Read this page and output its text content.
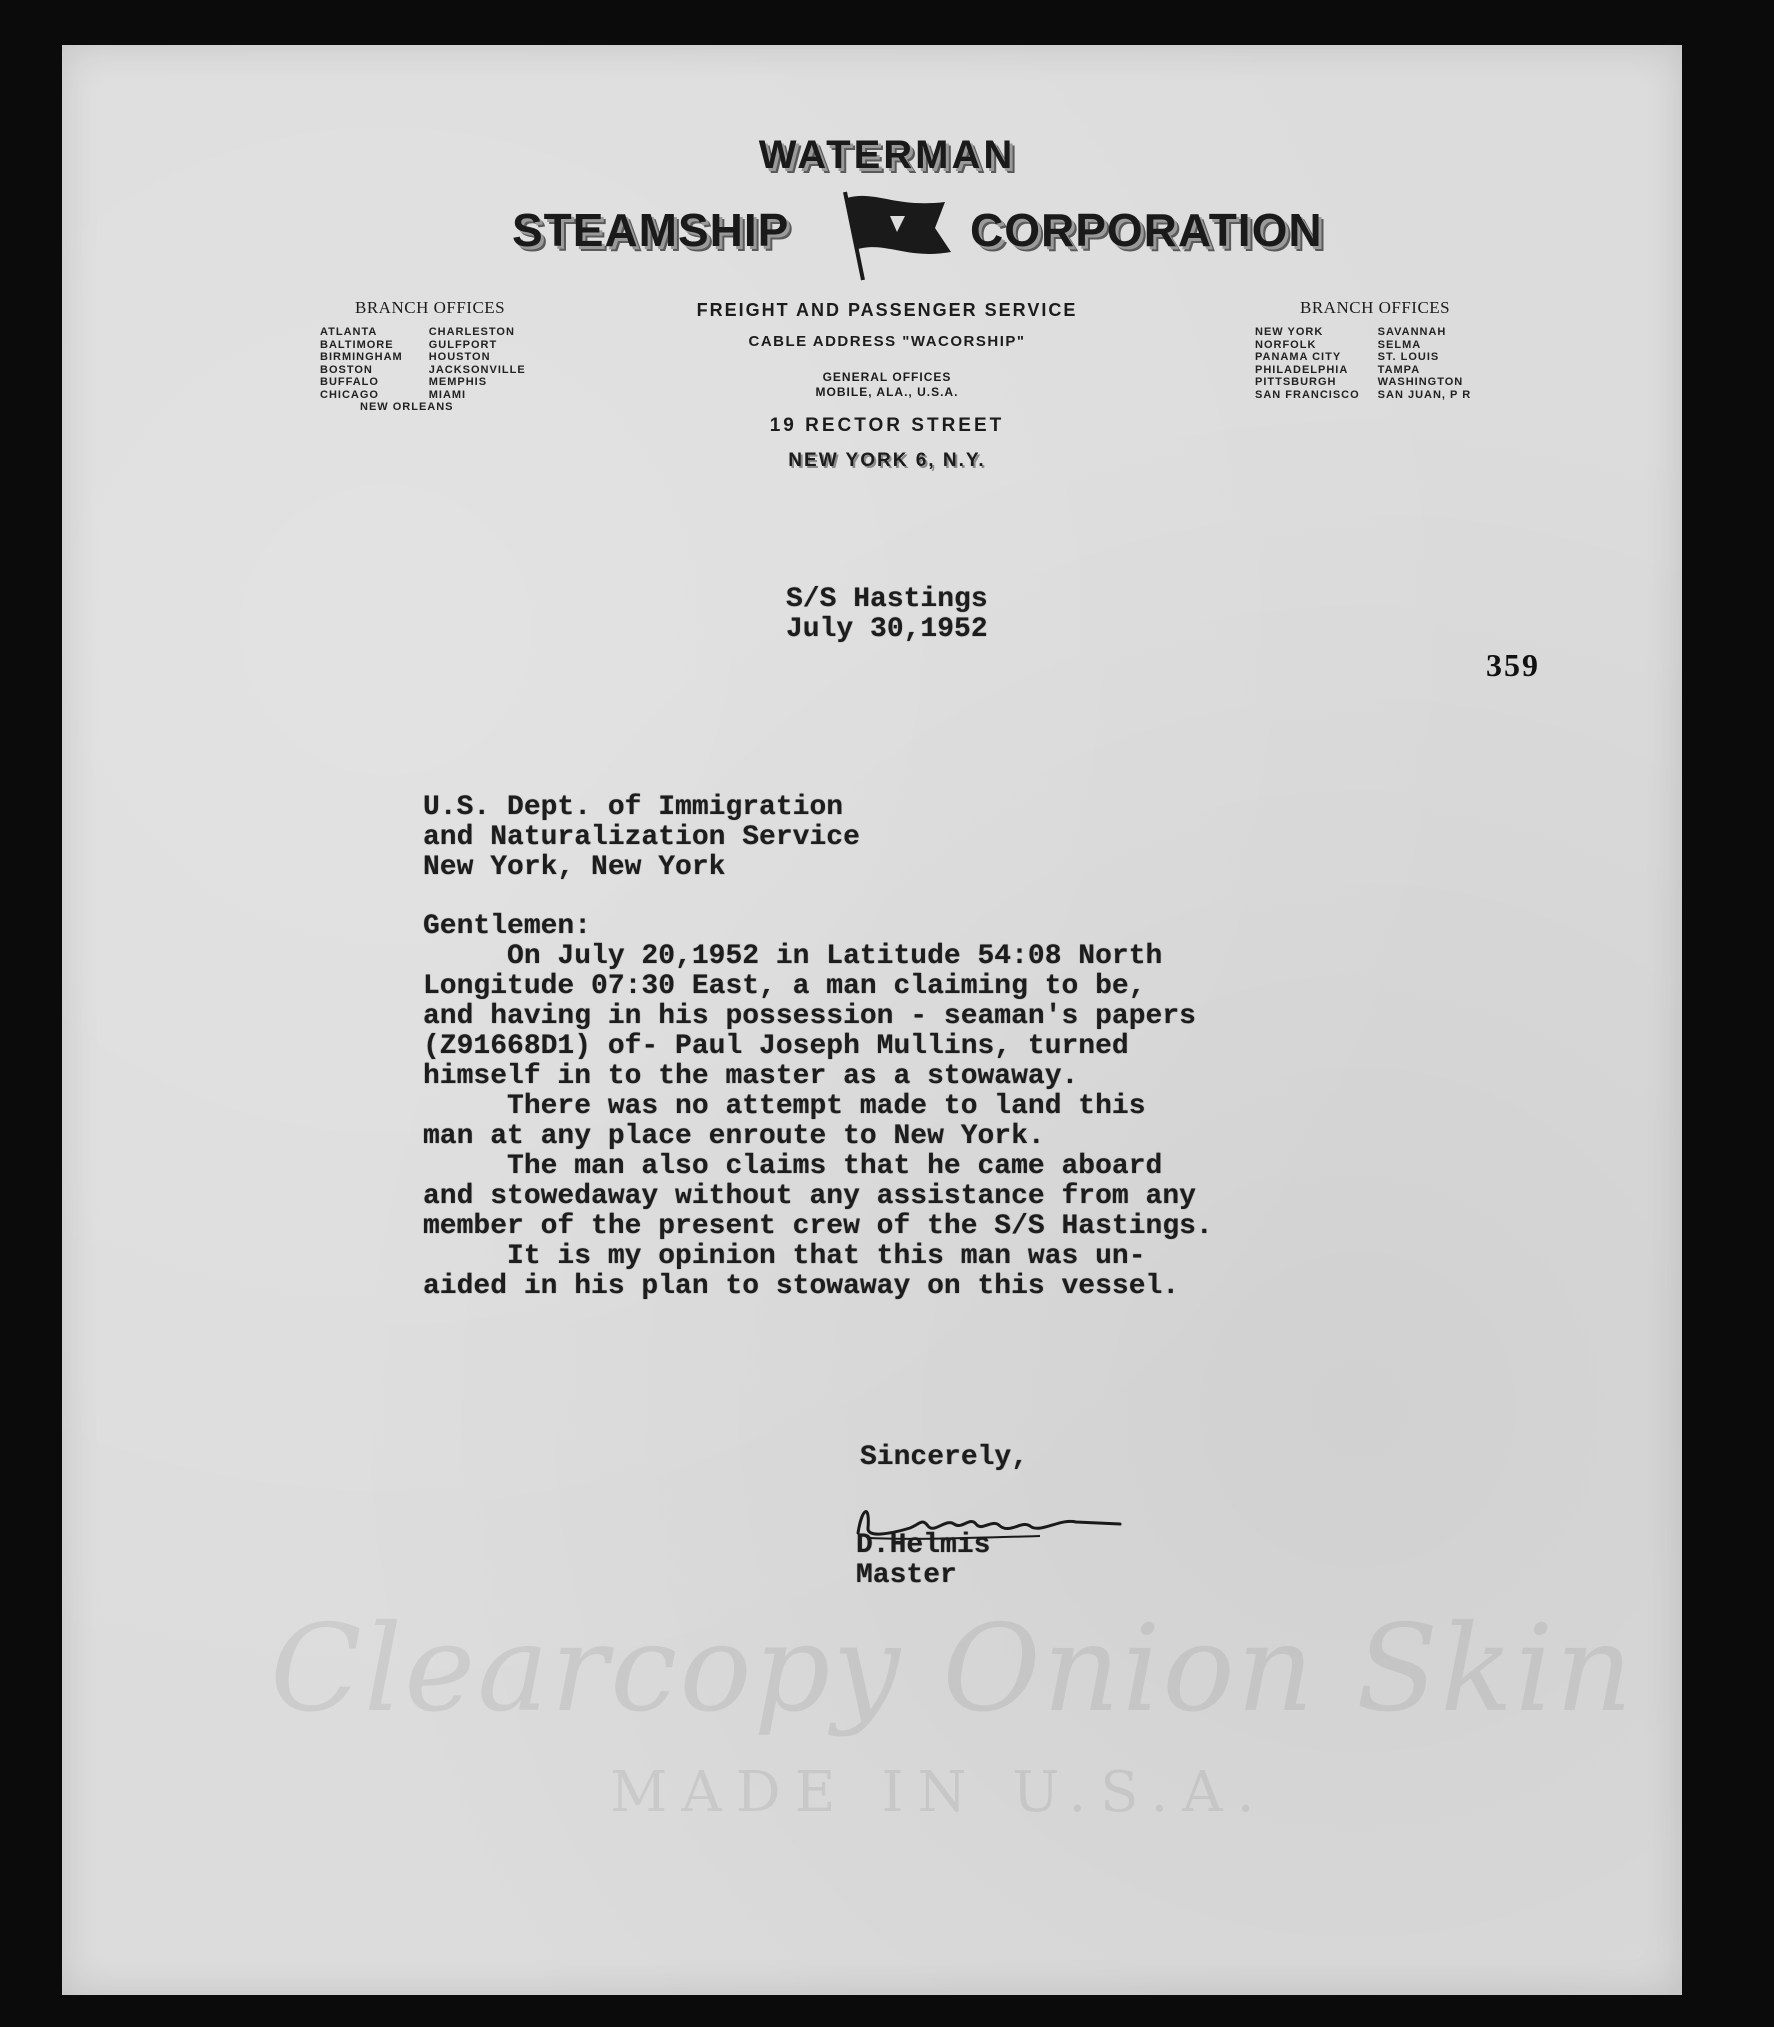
WATERMAN
STEAMSHIP	CORPORATION
BRANCH OFFICES
ATLANTA
BALTIMORE
BIRMINGHAM
BOSTON
BUFFALO
CHICAGO
CHARLESTON
GULFPORT
HOUSTON
JACKSONVILLE
MEMPHIS
MIAMI
NEW ORLEANS
FREIGHT AND PASSENGER SERVICE
CABLE ADDRESS "WACORSHIP"
GENERAL OFFICES
MOBILE, ALA., U.S.A.
19 RECTOR STREET
NEW YORK 6, N.Y.
BRANCH OFFICES
NEW YORK
NORFOLK
PANAMA CITY
PHILADELPHIA
PITTSBURGH
SAN FRANCISCO
SAVANNAH
SELMA
ST. LOUIS
TAMPA
WASHINGTON
SAN JUAN, P R
Clearcopy Onion Skin
MADE IN U.S.A.
S/S Hastings
July 30,1952
359
U.S. Dept. of Immigration
and Naturalization Service
New York, New York
Gentlemen:
On July 20,1952 in Latitude 54:08 North
Longitude 07:30 East, a man claiming to be,
and having in his possession - seaman's papers
(Z91668D1) of- Paul Joseph Mullins, turned
himself in to the master as a stowaway.
There was no attempt made to land this
man at any place enroute to New York.
The man also claims that he came aboard
and stowedaway without any assistance from any
member of the present crew of the S/S Hastings.
It is my opinion that this man was un-
aided in his plan to stowaway on this vessel.
Sincerely,
D.Helmis
Master
